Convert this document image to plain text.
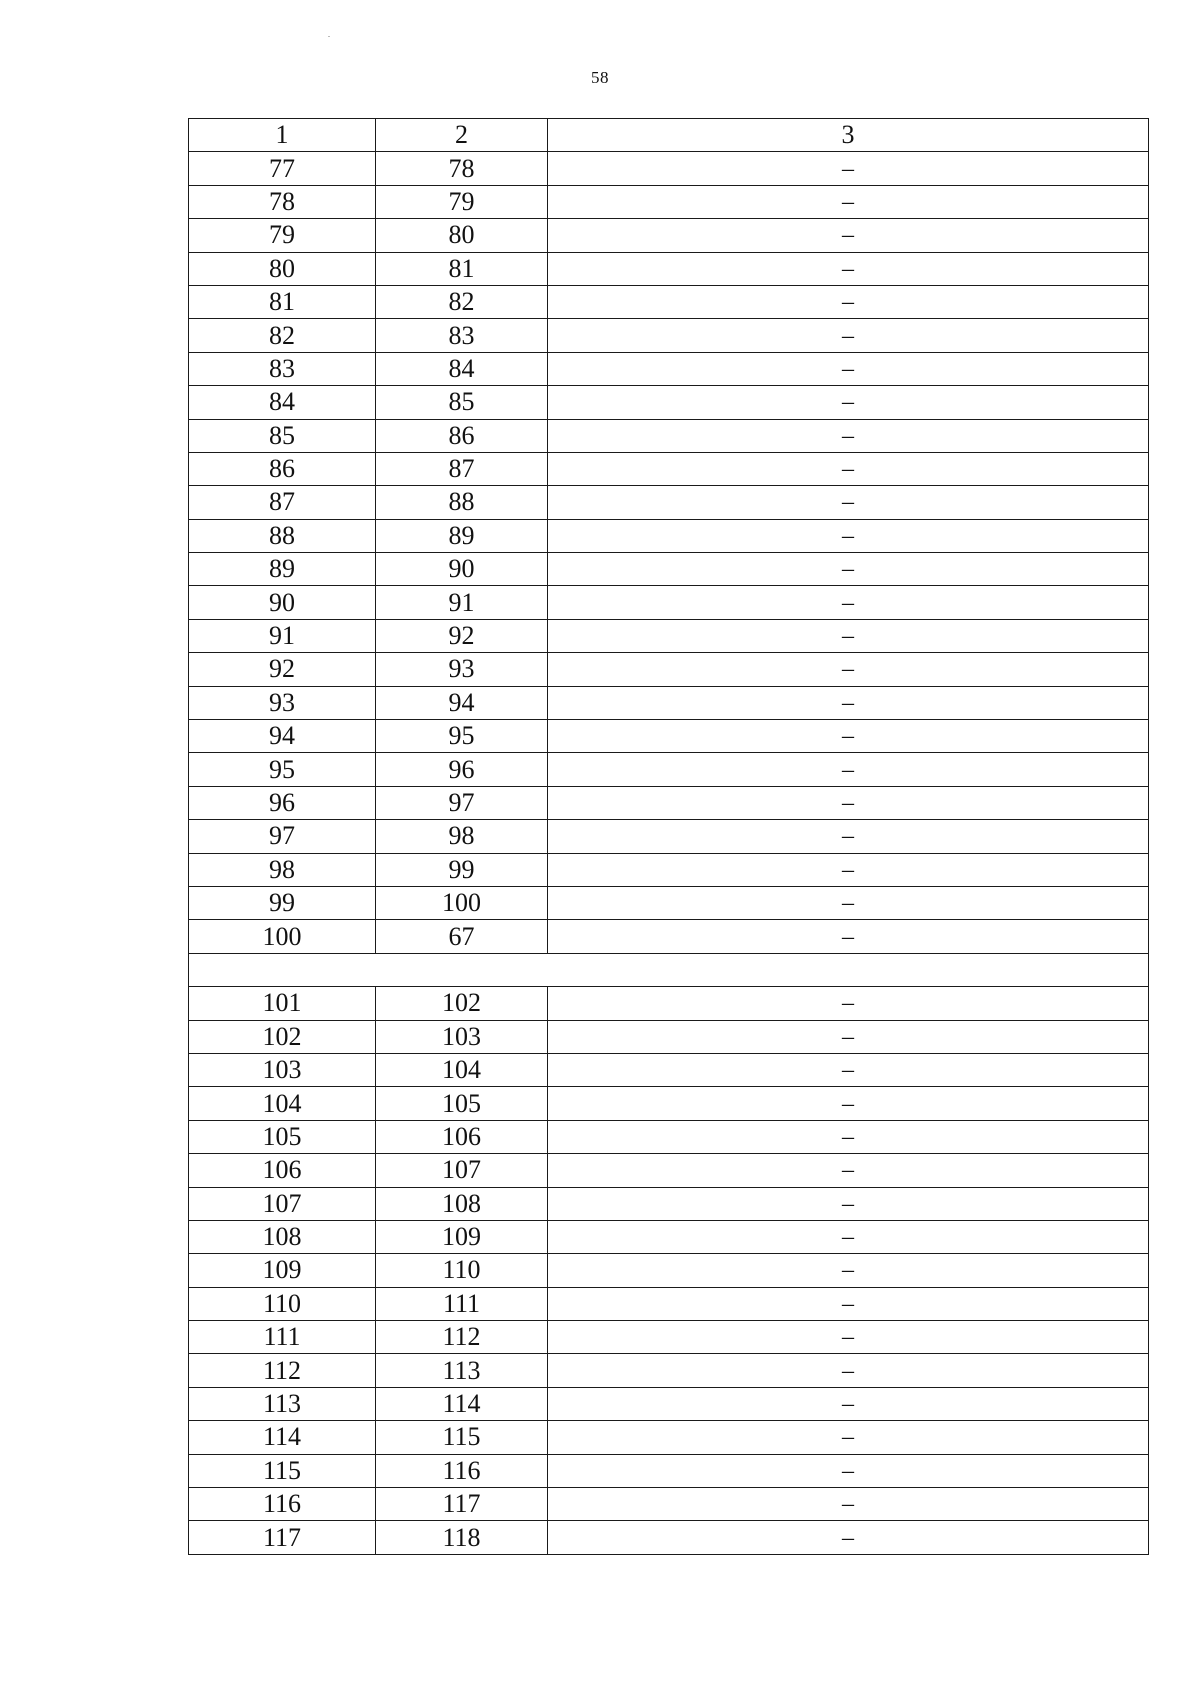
58
1	2	3
77	78	–
78	79	–
79	80	–
80	81	–
81	82	–
82	83	–
83	84	–
84	85	–
85	86	–
86	87	–
87	88	–
88	89	–
89	90	–
90	91	–
91	92	–
92	93	–
93	94	–
94	95	–
95	96	–
96	97	–
97	98	–
98	99	–
99	100	–
100	67	–

101	102	–
102	103	–
103	104	–
104	105	–
105	106	–
106	107	–
107	108	–
108	109	–
109	110	–
110	111	–
111	112	–
112	113	–
113	114	–
114	115	–
115	116	–
116	117	–
117	118	–
